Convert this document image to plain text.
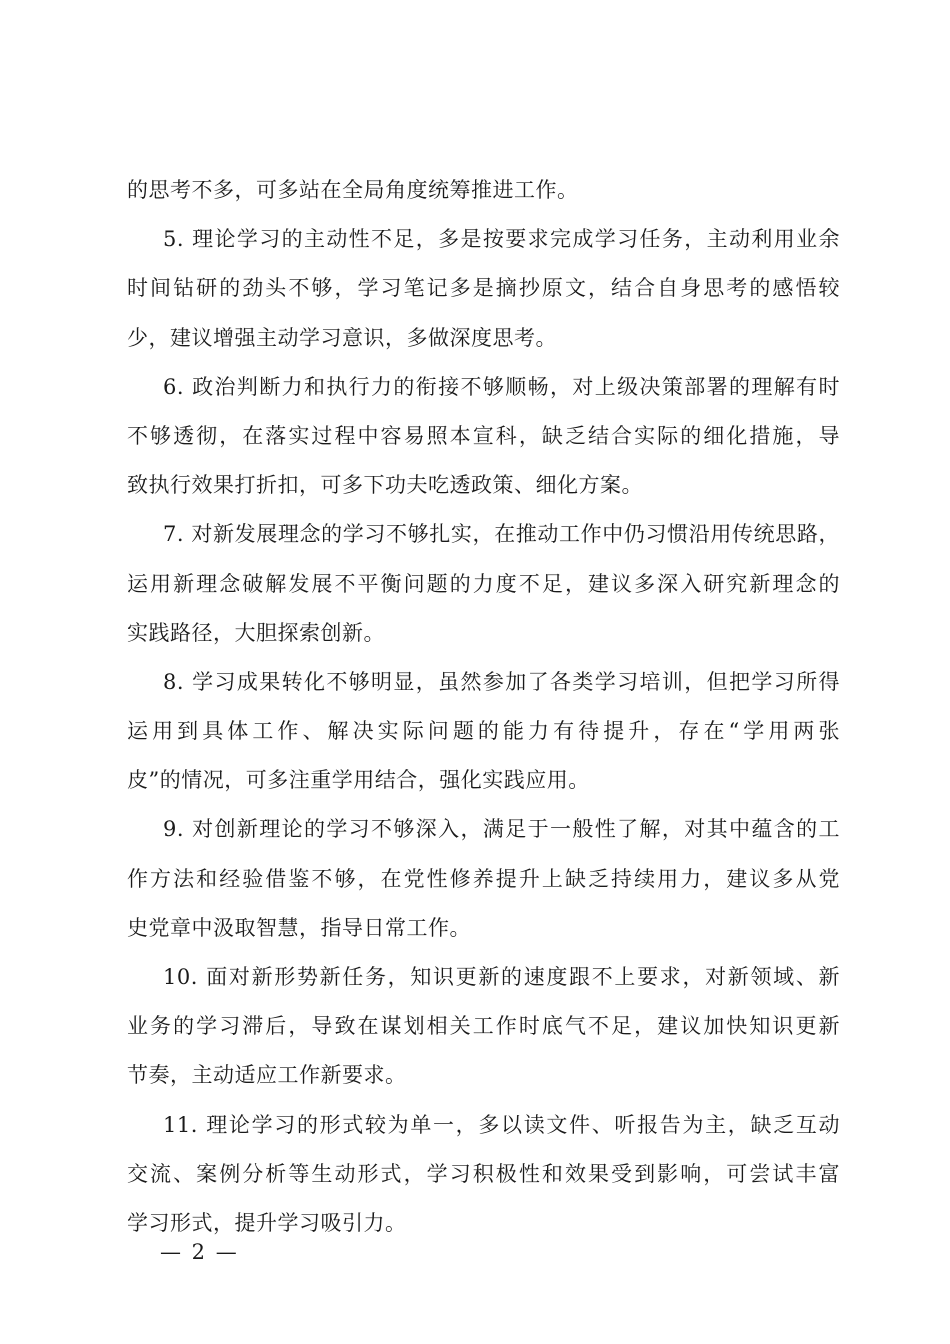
的思考不多，可多站在全局角度统筹推进工作。
5. 理论学习的主动性不足，多是按要求完成学习任务，主动利用业余
时间钻研的劲头不够，学习笔记多是摘抄原文，结合自身思考的感悟较
少，建议增强主动学习意识，多做深度思考。
6. 政治判断力和执行力的衔接不够顺畅，对上级决策部署的理解有时
不够透彻，在落实过程中容易照本宣科，缺乏结合实际的细化措施，导
致执行效果打折扣，可多下功夫吃透政策、细化方案。
7. 对新发展理念的学习不够扎实，在推动工作中仍习惯沿用传统思路，
运用新理念破解发展不平衡问题的力度不足，建议多深入研究新理念的
实践路径，大胆探索创新。
8. 学习成果转化不够明显，虽然参加了各类学习培训，但把学习所得
运用到具体工作、解决实际问题的能力有待提升，存在“学用两张
皮”的情况，可多注重学用结合，强化实践应用。
9. 对创新理论的学习不够深入，满足于一般性了解，对其中蕴含的工
作方法和经验借鉴不够，在党性修养提升上缺乏持续用力，建议多从党
史党章中汲取智慧，指导日常工作。
10. 面对新形势新任务，知识更新的速度跟不上要求，对新领域、新
业务的学习滞后，导致在谋划相关工作时底气不足，建议加快知识更新
节奏，主动适应工作新要求。
11. 理论学习的形式较为单一，多以读文件、听报告为主，缺乏互动
交流、案例分析等生动形式，学习积极性和效果受到影响，可尝试丰富
学习形式，提升学习吸引力。
— 2 —
